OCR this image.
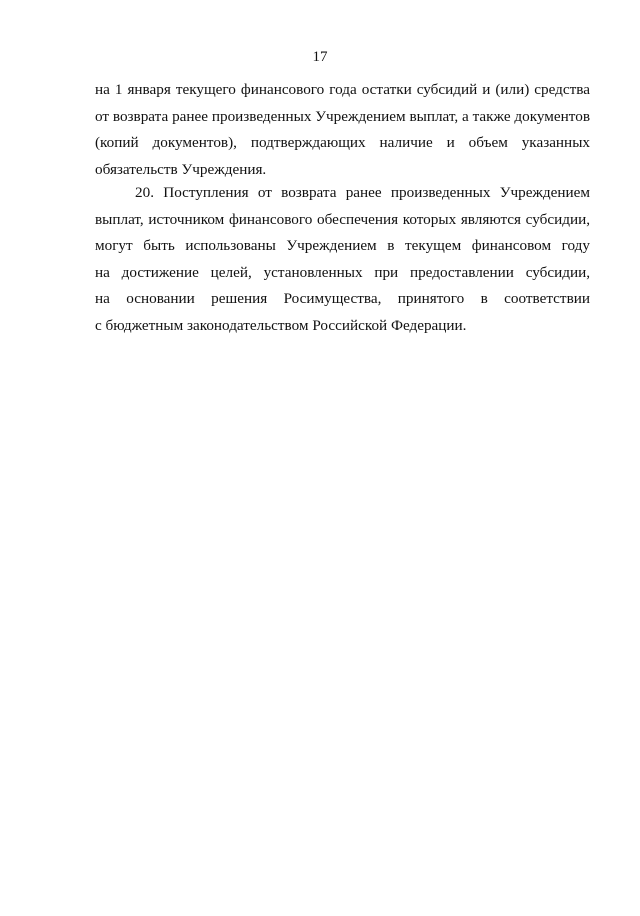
17
на 1 января текущего финансового года остатки субсидий и (или) средства
от возврата ранее произведенных Учреждением выплат, а также документов
(копий документов), подтверждающих наличие и объем указанных
обязательств Учреждения.
20. Поступления от возврата ранее произведенных Учреждением
выплат, источником финансового обеспечения которых являются субсидии,
могут быть использованы Учреждением в текущем финансовом году
на достижение целей, установленных при предоставлении субсидии,
на основании решения Росимущества, принятого в соответствии
с бюджетным законодательством Российской Федерации.
